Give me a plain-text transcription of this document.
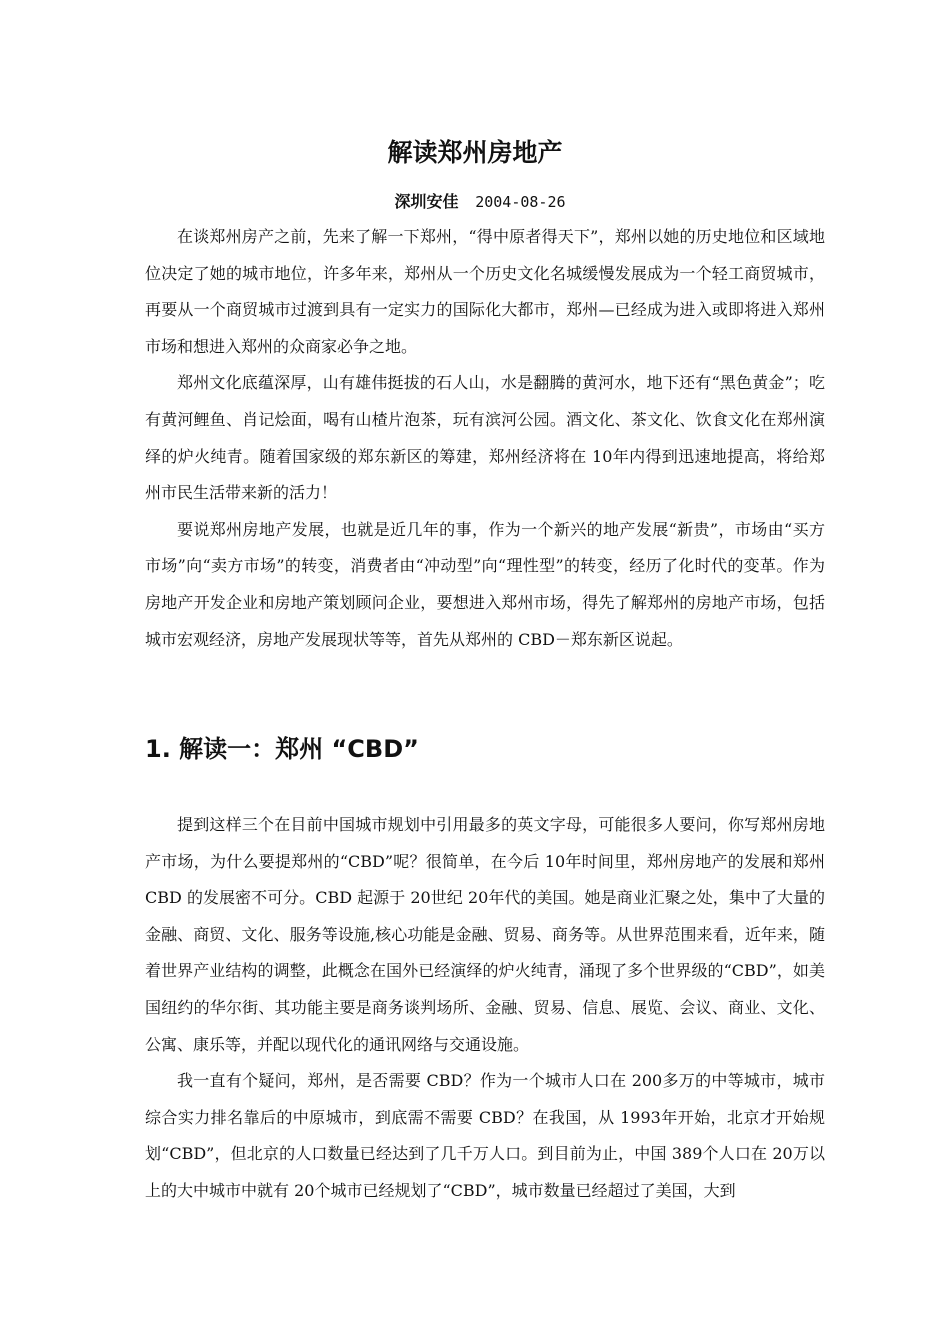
解读郑州房地产
深圳安佳 2004-08-26

在谈郑州房产之前，先来了解一下郑州，“得中原者得天下”，郑州以她的历史地位和区域地位决定了她的城市地位，许多年来，郑州从一个历史文化名城缓慢发展成为一个轻工商贸城市，再要从一个商贸城市过渡到具有一定实力的国际化大都市，郑州—已经成为进入或即将进入郑州市场和想进入郑州的众商家必争之地。

郑州文化底蕴深厚，山有雄伟挺拔的石人山，水是翻腾的黄河水，地下还有“黑色黄金”；吃有黄河鲤鱼、肖记烩面，喝有山楂片泡茶，玩有滨河公园。酒文化、茶文化、饮食文化在郑州演绎的炉火纯青。随着国家级的郑东新区的筹建，郑州经济将在 10年内得到迅速地提高，将给郑州市民生活带来新的活力！

要说郑州房地产发展，也就是近几年的事，作为一个新兴的地产发展“新贵”，市场由“买方市场”向“卖方市场”的转变，消费者由“冲动型”向“理性型”的转变，经历了化时代的变革。作为房地产开发企业和房地产策划顾问企业，要想进入郑州市场，得先了解郑州的房地产市场，包括城市宏观经济，房地产发展现状等等，首先从郑州的 CBD－郑东新区说起。

1. 解读一：郑州 “CBD”

提到这样三个在目前中国城市规划中引用最多的英文字母，可能很多人要问，你写郑州房地产市场，为什么要提郑州的“CBD”呢？很简单，在今后 10年时间里，郑州房地产的发展和郑州 CBD 的发展密不可分。CBD 起源于 20世纪 20年代的美国。她是商业汇聚之处，集中了大量的金融、商贸、文化、服务等设施,核心功能是金融、贸易、商务等。从世界范围来看，近年来，随着世界产业结构的调整，此概念在国外已经演绎的炉火纯青，涌现了多个世界级的“CBD”，如美国纽约的华尔街、其功能主要是商务谈判场所、金融、贸易、信息、展览、会议、商业、文化、公寓、康乐等，并配以现代化的通讯网络与交通设施。

我一直有个疑问，郑州，是否需要 CBD？作为一个城市人口在 200多万的中等城市，城市综合实力排名靠后的中原城市，到底需不需要 CBD？在我国，从 1993年开始，北京才开始规划“CBD”，但北京的人口数量已经达到了几千万人口。到目前为止，中国 389个人口在 20万以上的大中城市中就有 20个城市已经规划了“CBD”，城市数量已经超过了美国，大到
